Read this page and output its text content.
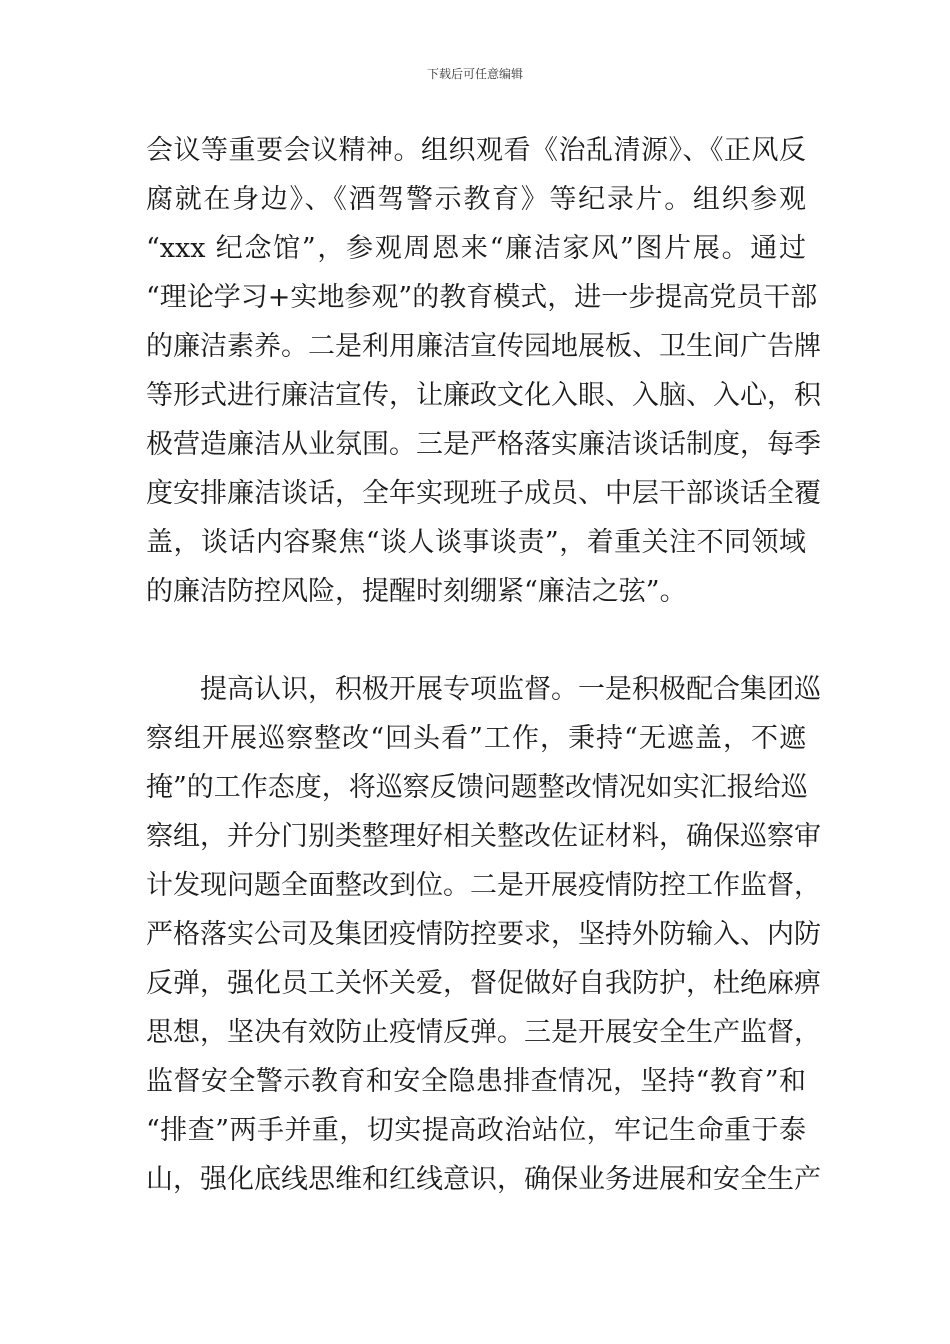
下载后可任意编辑
会议等重要会议精神。组织观看《治乱清源》、《正风反
腐就在身边》、《酒驾警示教育》等纪录片。组织参观
“xxx 纪念馆”，参观周恩来“廉洁家风”图片展。通过
“理论学习+实地参观”的教育模式，进一步提高党员干部
的廉洁素养。二是利用廉洁宣传园地展板、卫生间广告牌
等形式进行廉洁宣传，让廉政文化入眼、入脑、入心，积
极营造廉洁从业氛围。三是严格落实廉洁谈话制度，每季
度安排廉洁谈话，全年实现班子成员、中层干部谈话全覆
盖，谈话内容聚焦“谈人谈事谈责”，着重关注不同领域
的廉洁防控风险，提醒时刻绷紧“廉洁之弦”。
提高认识，积极开展专项监督。一是积极配合集团巡
察组开展巡察整改“回头看”工作，秉持“无遮盖，不遮
掩”的工作态度，将巡察反馈问题整改情况如实汇报给巡
察组，并分门别类整理好相关整改佐证材料，确保巡察审
计发现问题全面整改到位。二是开展疫情防控工作监督，
严格落实公司及集团疫情防控要求，坚持外防输入、内防
反弹，强化员工关怀关爱，督促做好自我防护，杜绝麻痹
思想，坚决有效防止疫情反弹。三是开展安全生产监督，
监督安全警示教育和安全隐患排查情况，坚持“教育”和
“排查”两手并重，切实提高政治站位，牢记生命重于泰
山，强化底线思维和红线意识，确保业务进展和安全生产
